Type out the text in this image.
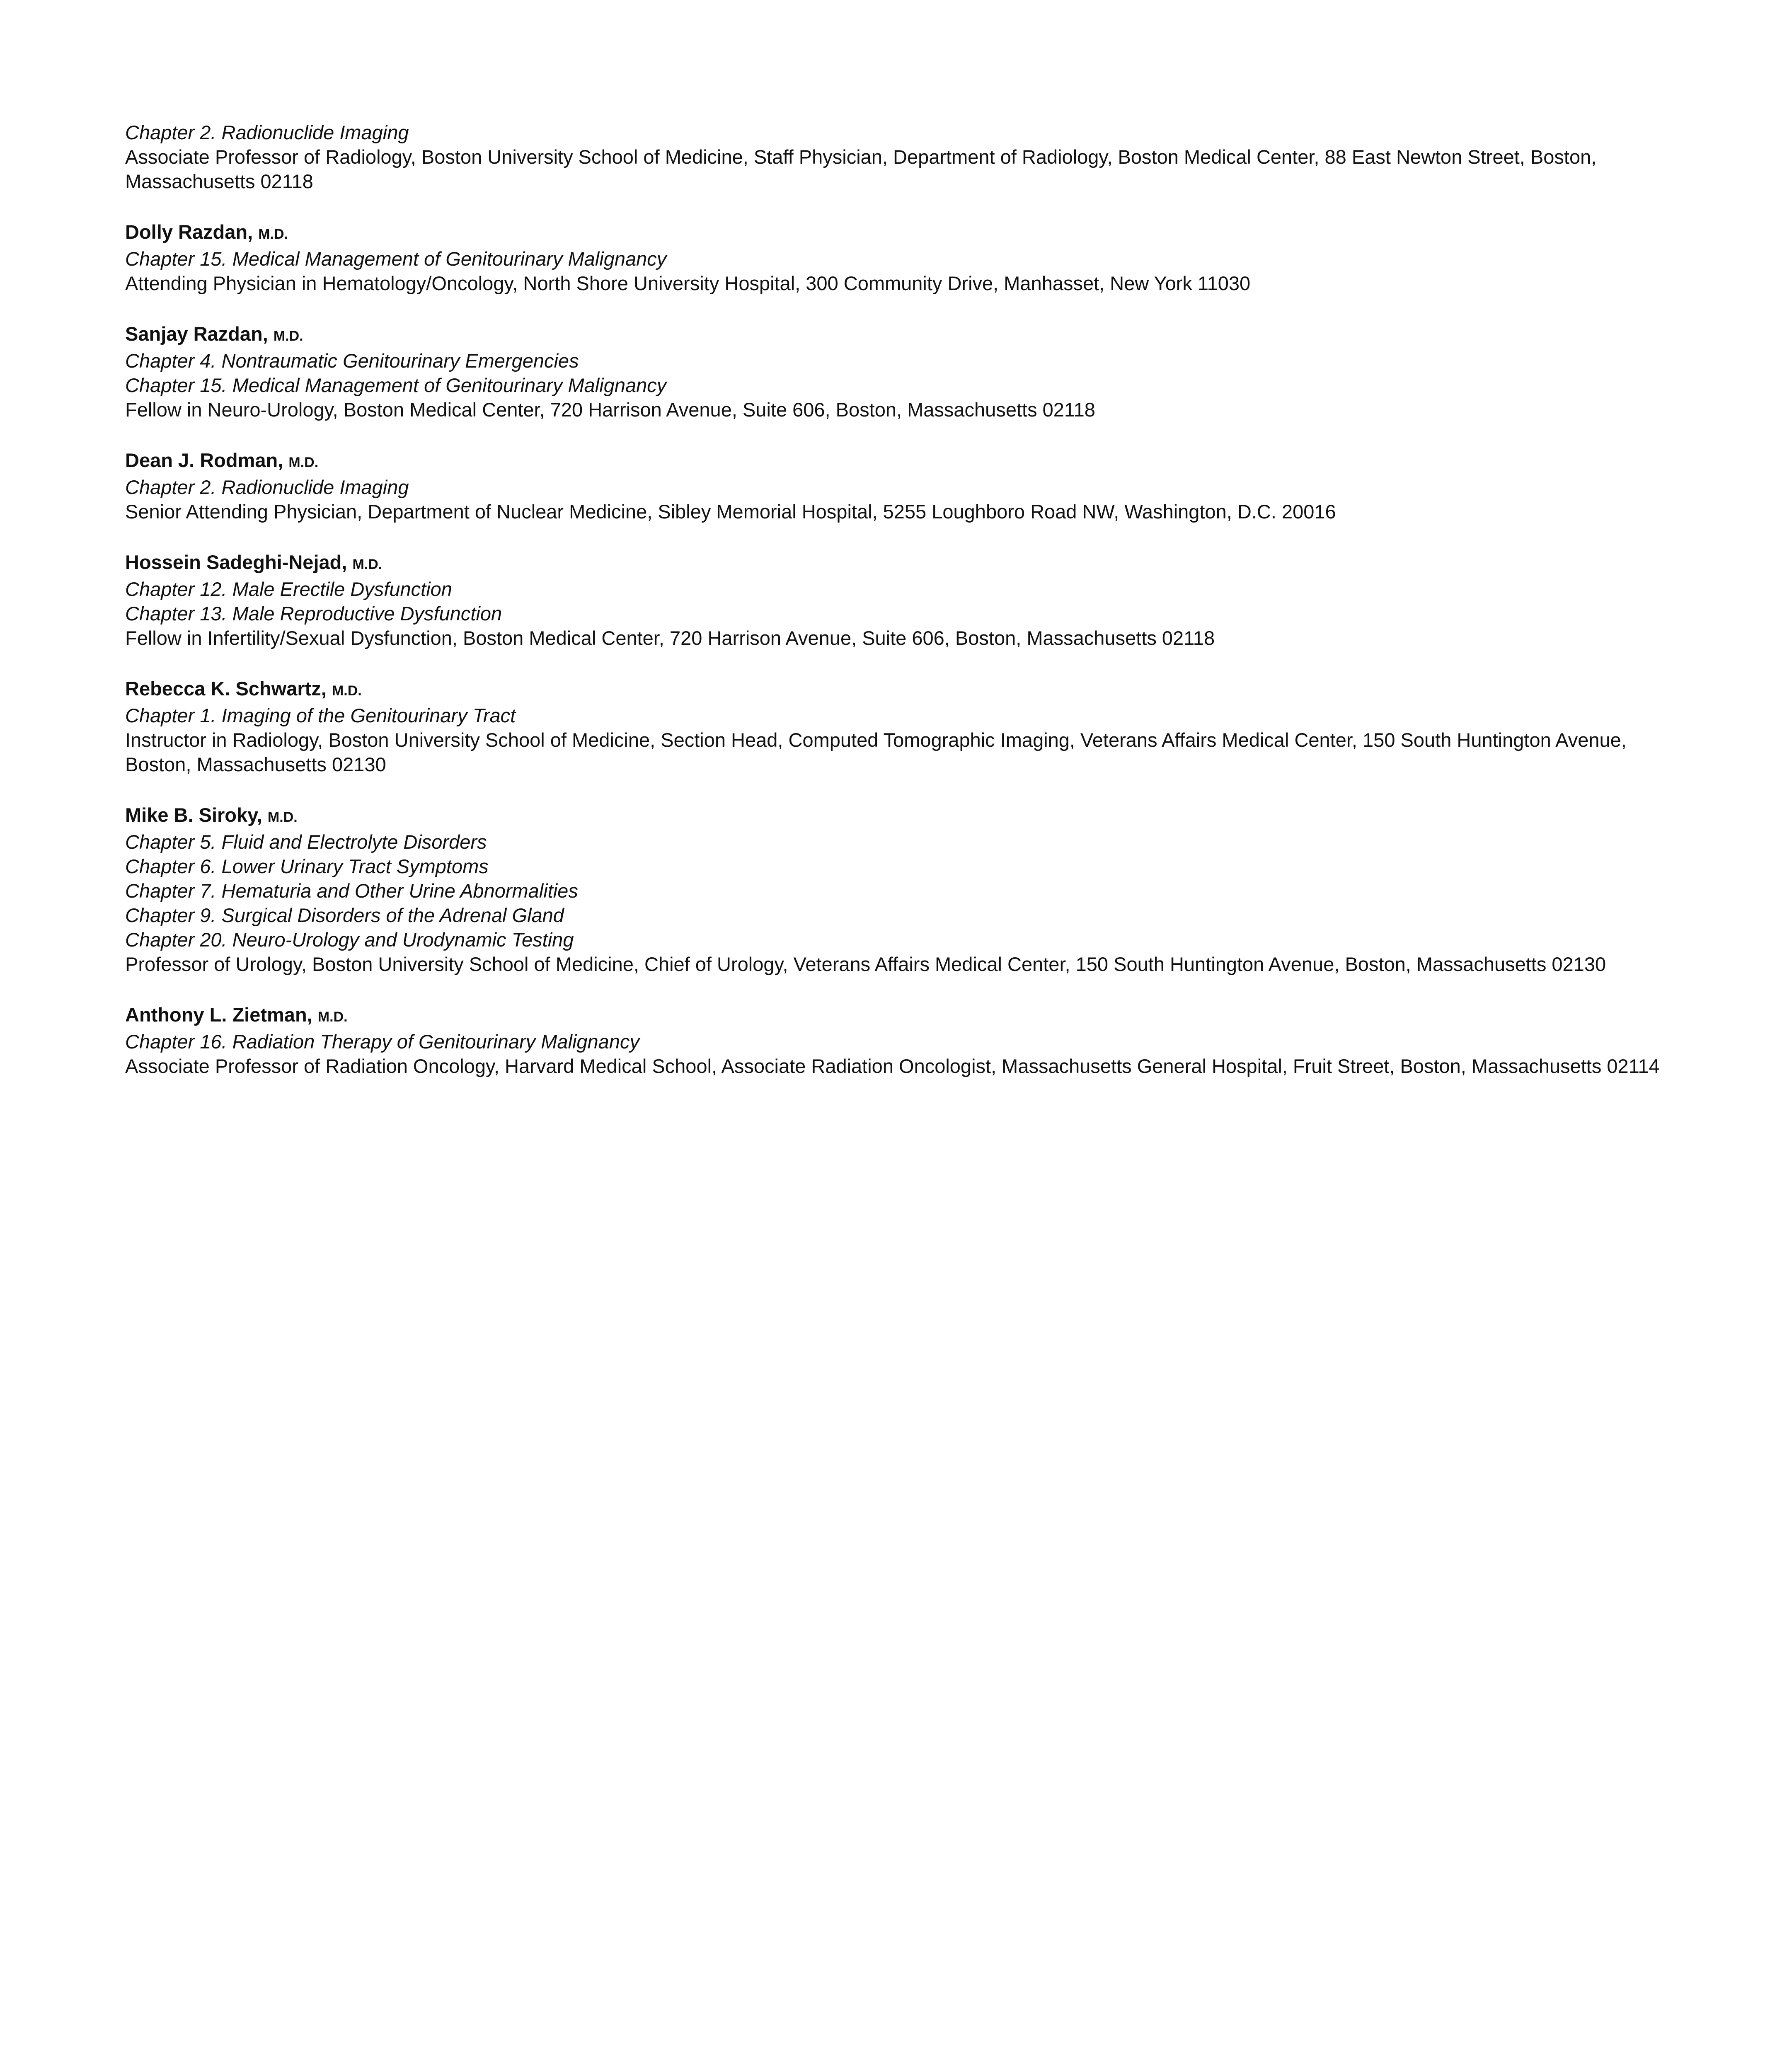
Chapter 2. Radionuclide Imaging
Associate Professor of Radiology, Boston University School of Medicine, Staff Physician, Department of Radiology, Boston Medical Center, 88 East Newton Street, Boston, Massachusetts 02118
Dolly Razdan, M.D.
Chapter 15. Medical Management of Genitourinary Malignancy
Attending Physician in Hematology/Oncology, North Shore University Hospital, 300 Community Drive, Manhasset, New York 11030
Sanjay Razdan, M.D.
Chapter 4. Nontraumatic Genitourinary Emergencies
Chapter 15. Medical Management of Genitourinary Malignancy
Fellow in Neuro-Urology, Boston Medical Center, 720 Harrison Avenue, Suite 606, Boston, Massachusetts 02118
Dean J. Rodman, M.D.
Chapter 2. Radionuclide Imaging
Senior Attending Physician, Department of Nuclear Medicine, Sibley Memorial Hospital, 5255 Loughboro Road NW, Washington, D.C. 20016
Hossein Sadeghi-Nejad, M.D.
Chapter 12. Male Erectile Dysfunction
Chapter 13. Male Reproductive Dysfunction
Fellow in Infertility/Sexual Dysfunction, Boston Medical Center, 720 Harrison Avenue, Suite 606, Boston, Massachusetts 02118
Rebecca K. Schwartz, M.D.
Chapter 1. Imaging of the Genitourinary Tract
Instructor in Radiology, Boston University School of Medicine, Section Head, Computed Tomographic Imaging, Veterans Affairs Medical Center, 150 South Huntington Avenue, Boston, Massachusetts 02130
Mike B. Siroky, M.D.
Chapter 5. Fluid and Electrolyte Disorders
Chapter 6. Lower Urinary Tract Symptoms
Chapter 7. Hematuria and Other Urine Abnormalities
Chapter 9. Surgical Disorders of the Adrenal Gland
Chapter 20. Neuro-Urology and Urodynamic Testing
Professor of Urology, Boston University School of Medicine, Chief of Urology, Veterans Affairs Medical Center, 150 South Huntington Avenue, Boston, Massachusetts 02130
Anthony L. Zietman, M.D.
Chapter 16. Radiation Therapy of Genitourinary Malignancy
Associate Professor of Radiation Oncology, Harvard Medical School, Associate Radiation Oncologist, Massachusetts General Hospital, Fruit Street, Boston, Massachusetts 02114
